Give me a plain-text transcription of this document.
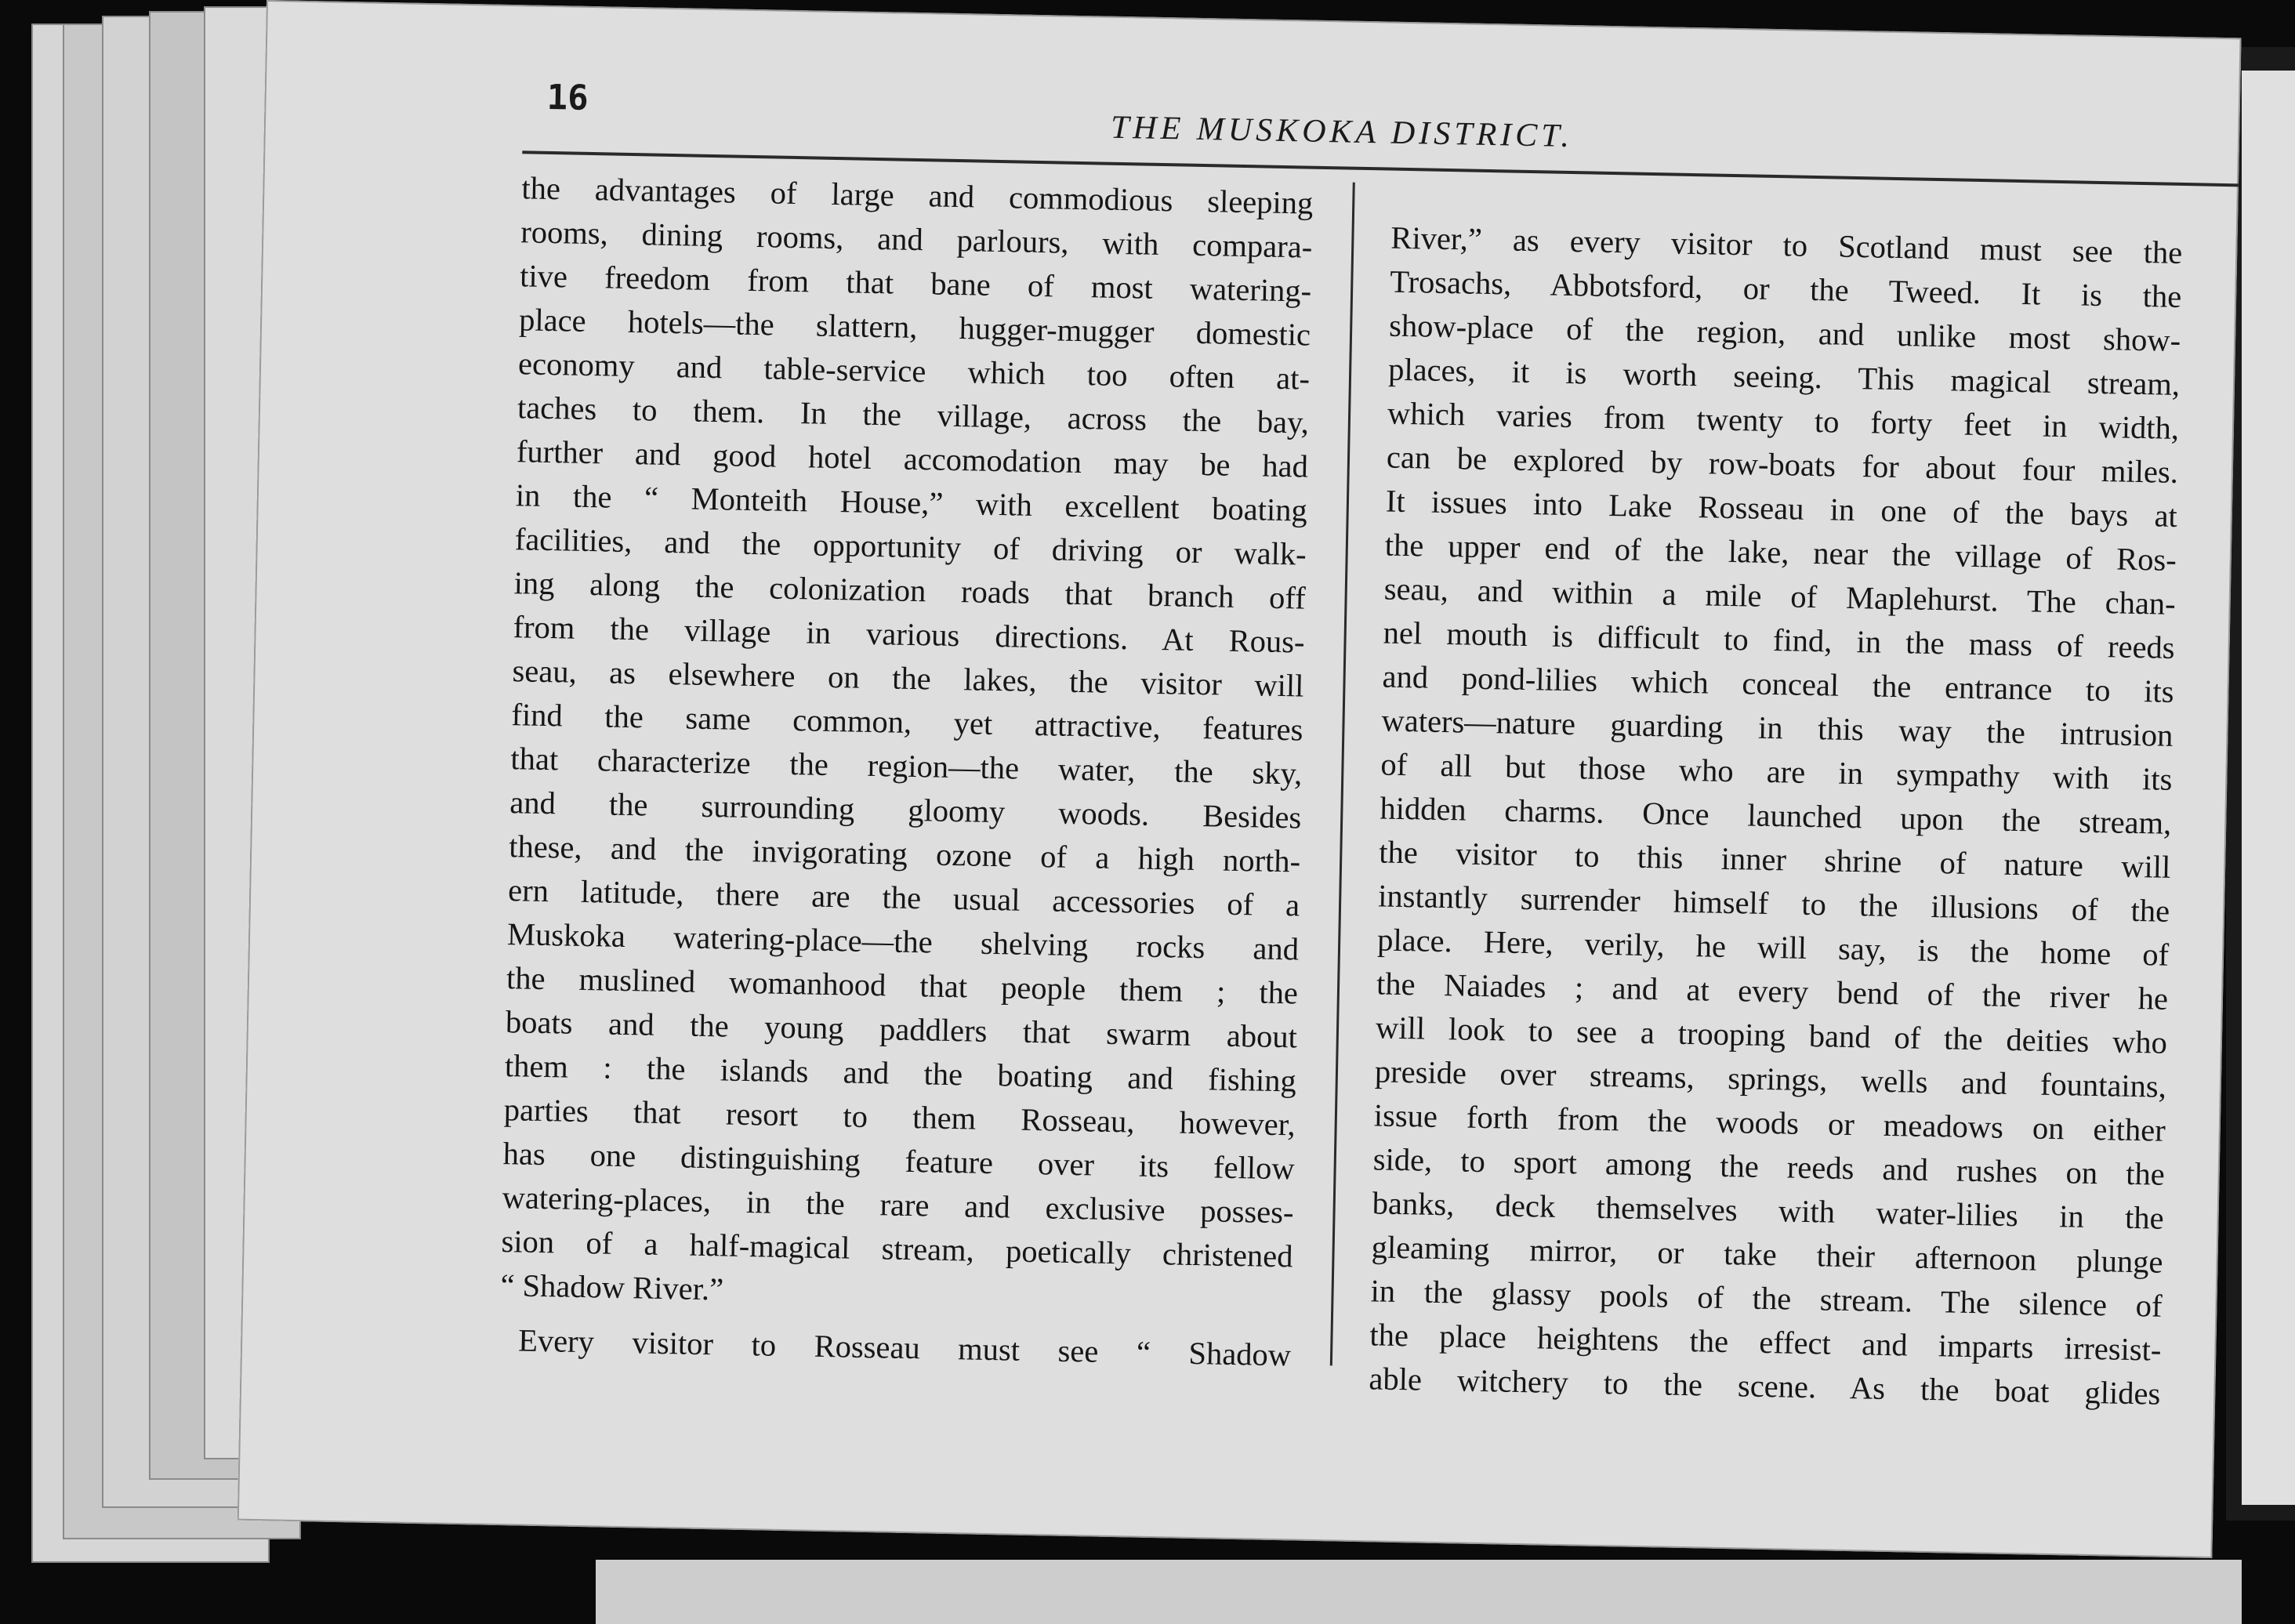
16
THE MUSKOKA DISTRICT.
the advantages of large and commodious sleeping
rooms, dining rooms, and parlours, with compara-
tive freedom from that bane of most watering-
place hotels—the slattern, hugger-mugger domestic
economy and table-service which too often at-
taches to them. In the village, across the bay,
further and good hotel accomodation may be had
in the “ Monteith House,” with excellent boating
facilities, and the opportunity of driving or walk-
ing along the colonization roads that branch off
from the village in various directions. At Rous-
seau, as elsewhere on the lakes, the visitor will
find the same common, yet attractive, features
that characterize the region—the water, the sky,
and the surrounding gloomy woods. Besides
these, and the invigorating ozone of a high north-
ern latitude, there are the usual accessories of a
Muskoka watering-place—the shelving rocks and
the muslined womanhood that people them ; the
boats and the young paddlers that swarm about
them : the islands and the boating and fishing
parties that resort to them Rosseau, however,
has one distinguishing feature over its fellow
watering-places, in the rare and exclusive posses-
sion of a half-magical stream, poetically christened
“ Shadow River.”
Every visitor to Rosseau must see “ Shadow
River,” as every visitor to Scotland must see the
Trosachs, Abbotsford, or the Tweed. It is the
show-place of the region, and unlike most show-
places, it is worth seeing. This magical stream,
which varies from twenty to forty feet in width,
can be explored by row-boats for about four miles.
It issues into Lake Rosseau in one of the bays at
the upper end of the lake, near the village of Ros-
seau, and within a mile of Maplehurst. The chan-
nel mouth is difficult to find, in the mass of reeds
and pond-lilies which conceal the entrance to its
waters—nature guarding in this way the intrusion
of all but those who are in sympathy with its
hidden charms. Once launched upon the stream,
the visitor to this inner shrine of nature will
instantly surrender himself to the illusions of the
place. Here, verily, he will say, is the home of
the Naiades ; and at every bend of the river he
will look to see a trooping band of the deities who
preside over streams, springs, wells and fountains,
issue forth from the woods or meadows on either
side, to sport among the reeds and rushes on the
banks, deck themselves with water-lilies in the
gleaming mirror, or take their afternoon plunge
in the glassy pools of the stream. The silence of
the place heightens the effect and imparts irresist-
able witchery to the scene. As the boat glides
